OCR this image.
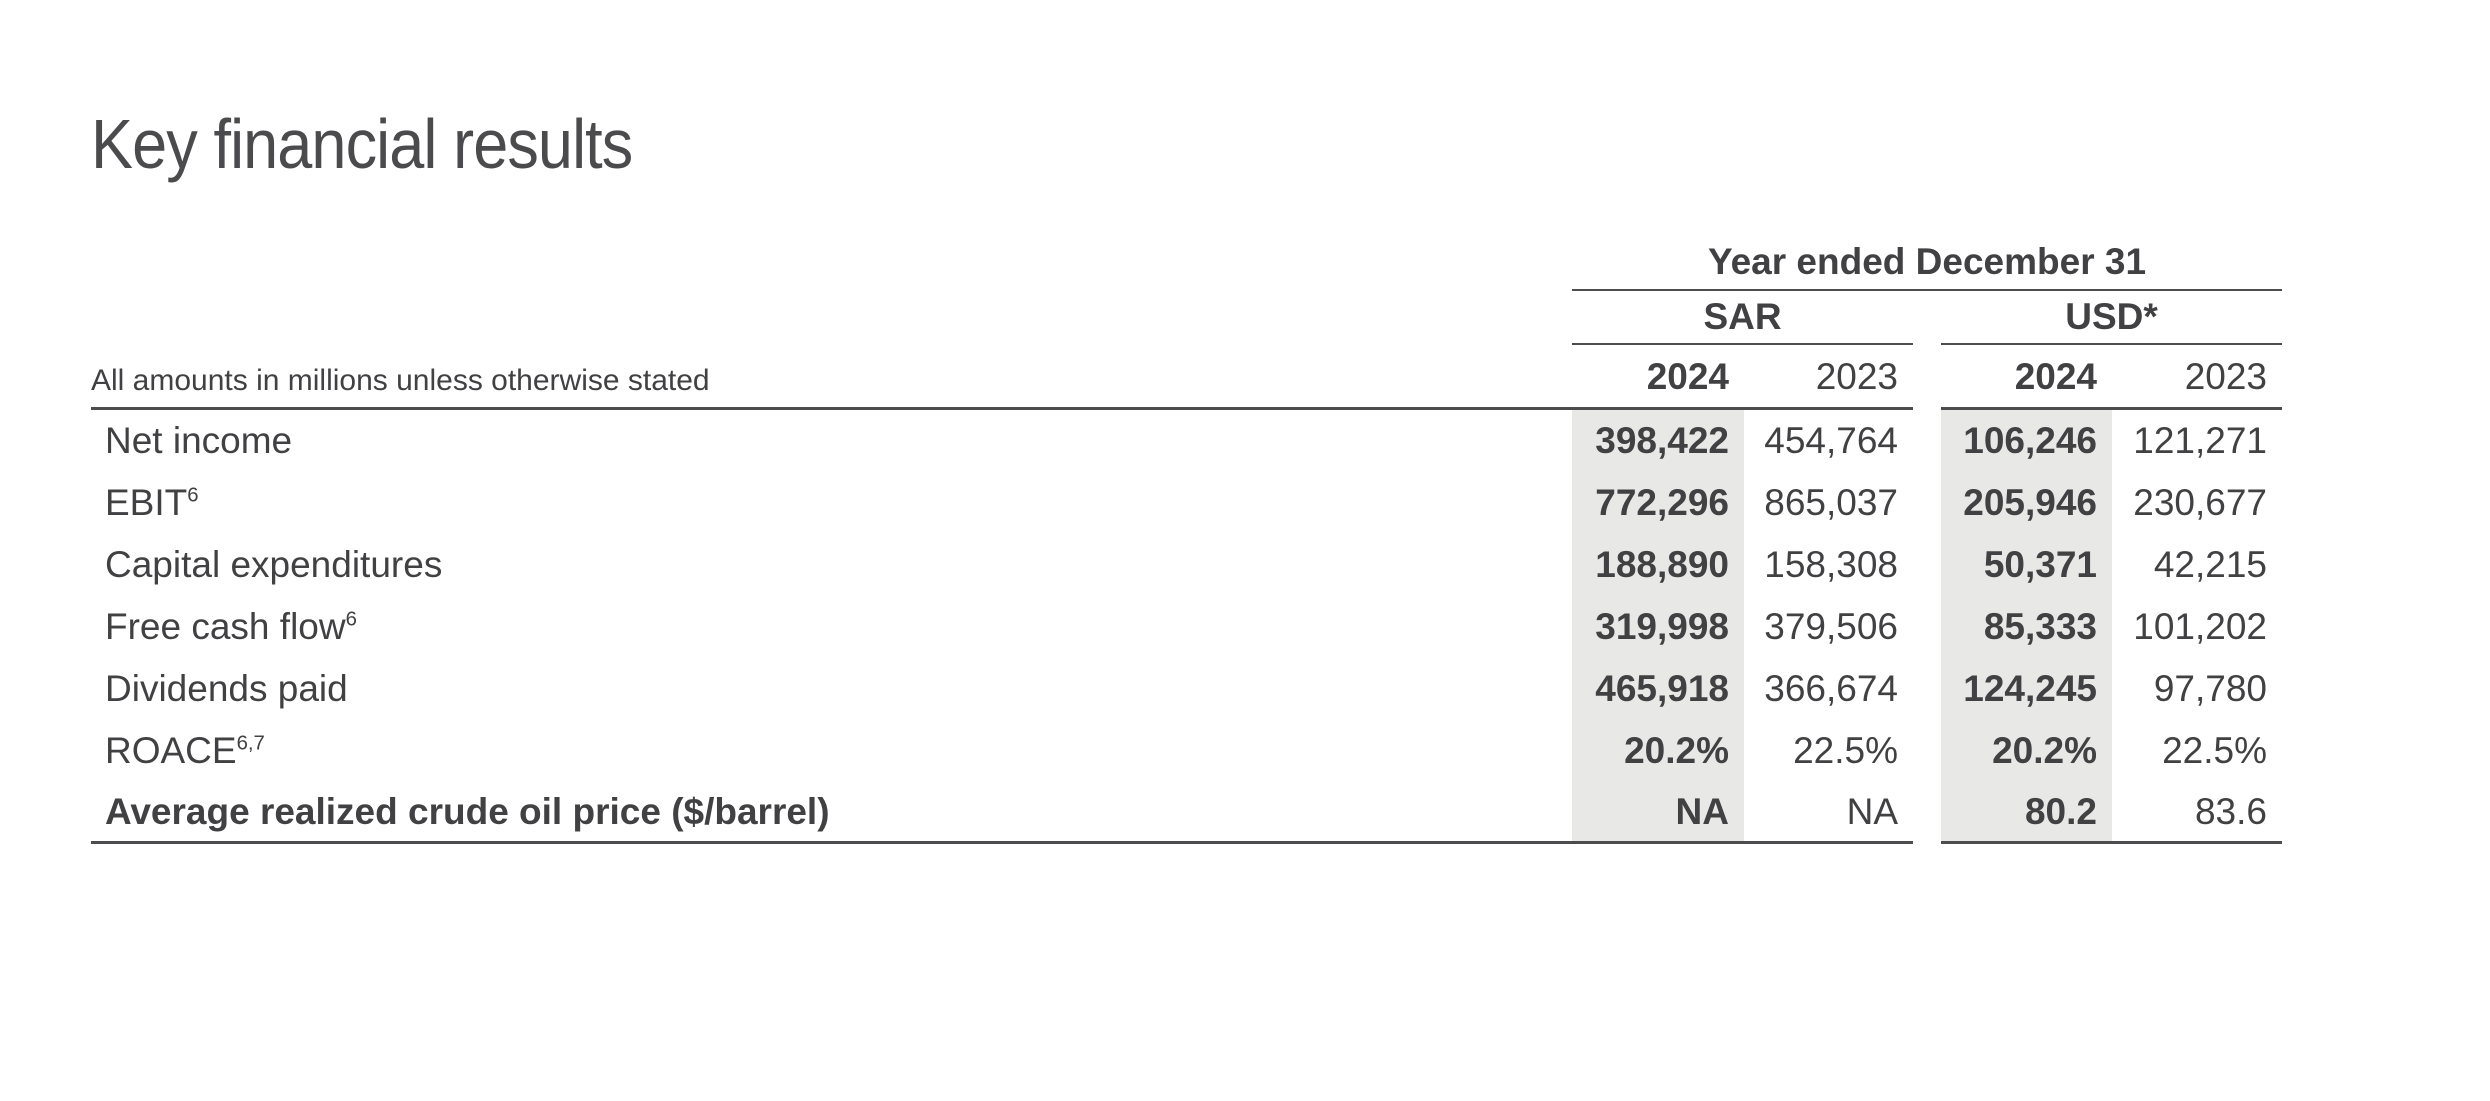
Key financial results
Year ended December 31
SAR	USD*
All amounts in millions unless otherwise stated	2024 2023	2024 2023
Net income	398,422 454,764 106,246 121,271
EBIT$^6$	772,296 865,037 205,946 230,677
Capital expenditures	188,890 158,308 50,371 42,215
Free cash flow$^6$	319,998 379,506 85,333 101,202
Dividends paid	465,918 366,674 124,245 97,780
ROACE$^{6,7}$	20.2% 22.5%	20.2% 22.5%
Average realized crude oil price ($/barrel)	NA	NA	80.2	83.6
